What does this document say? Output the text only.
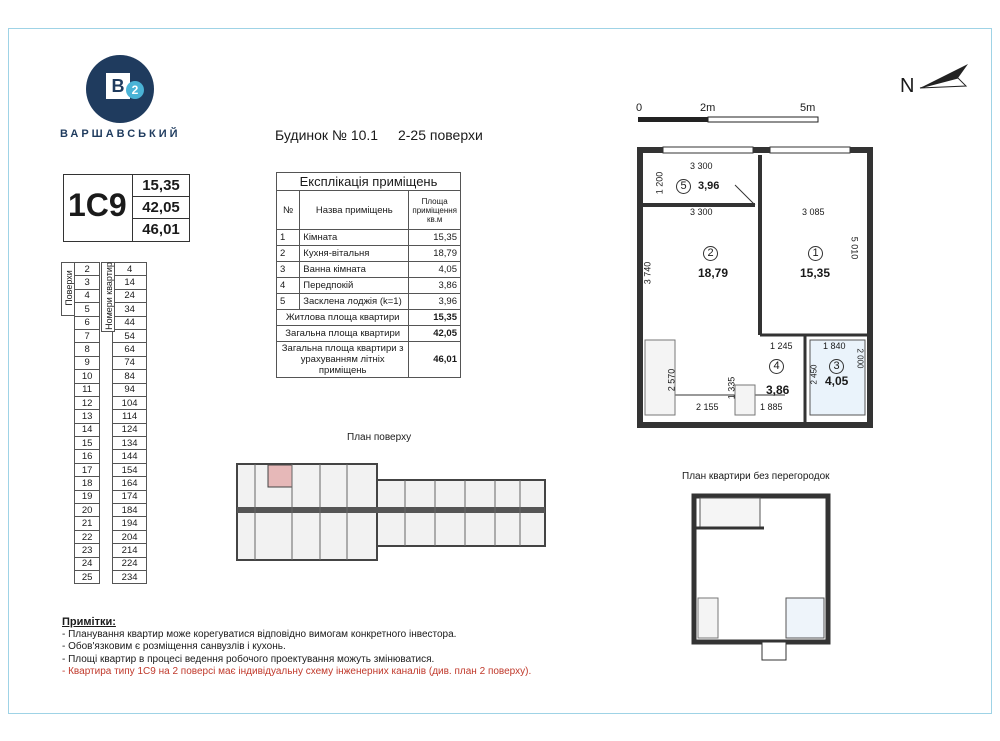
B 2
ВАРШАВСЬКИЙ	Будинок № 10.1 2-25 поверхи
1С9
15,35
42,05
46,01
Експлікація приміщень		
№	Назва приміщень	Площа приміщення кв.м
1	Кімната	15,35
2	Кухня-вітальня	18,79
3	Ванна кімната	4,05
4	Передпокій	3,86
5	Засклена лоджія (k=1)	3,96
Житлова площа квартири		15,35
Загальна площа квартири		42,05
Загальна площа квартири з урахуванням літніх приміщень		46,01
	2		4
	3		14
	4		24
	5		34
	6		44
	7		54
	8		64
	9		74
	10		84
	11		94
	12		104
	13		114
	14		124
	15		134
	16		144
	17		154
	18		164
	19		174
	20		184
	21		194
	22		204
	23		214
	24		224
	25		234
Поверхи	Номери квартир
N
0	2m	5m
3 300
1 200
3 300	3 085
5 010
3 740
1 245	1 840
2 570	1 335
2 155	1 885
2 450
2 000
5	3,96
2
18,79
1
15,35
4
3,86
3
4,05
План поверху
План квартири без перегородок
Примітки:
- Планування квартир може корегуватися відповідно вимогам конкретного інвестора.
- Обов'язковим є розміщення санвузлів і кухонь.
- Площі квартир в процесі ведення робочого проектування можуть змінюватися.
- Квартира типу 1С9 на 2 поверсі має індивідуальну схему інженерних каналів (див. план 2 поверху).
